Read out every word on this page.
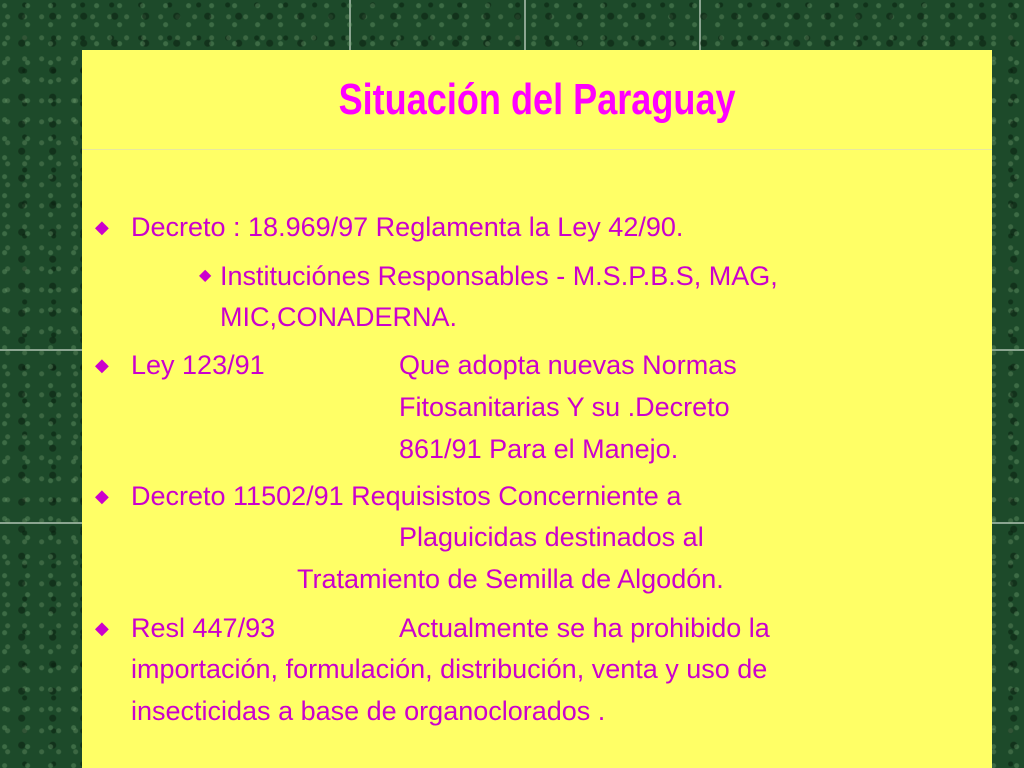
Situación del Paraguay
◆ Decreto : 18.969/97 Reglamenta la Ley 42/90.
◆ Instituciónes Responsables - M.S.P.B.S, MAG,
MIC,CONADERNA.
◆ Ley 123/91	Que adopta nuevas Normas
Fitosanitarias Y su .Decreto
861/91 Para el Manejo.
◆ Decreto 11502/91 Requisistos Concerniente a
Plaguicidas destinados al
Tratamiento de Semilla de Algodón.
◆ Resl 447/93	Actualmente se ha prohibido la
importación, formulación, distribución, venta y uso de
insecticidas a base de organoclorados .
